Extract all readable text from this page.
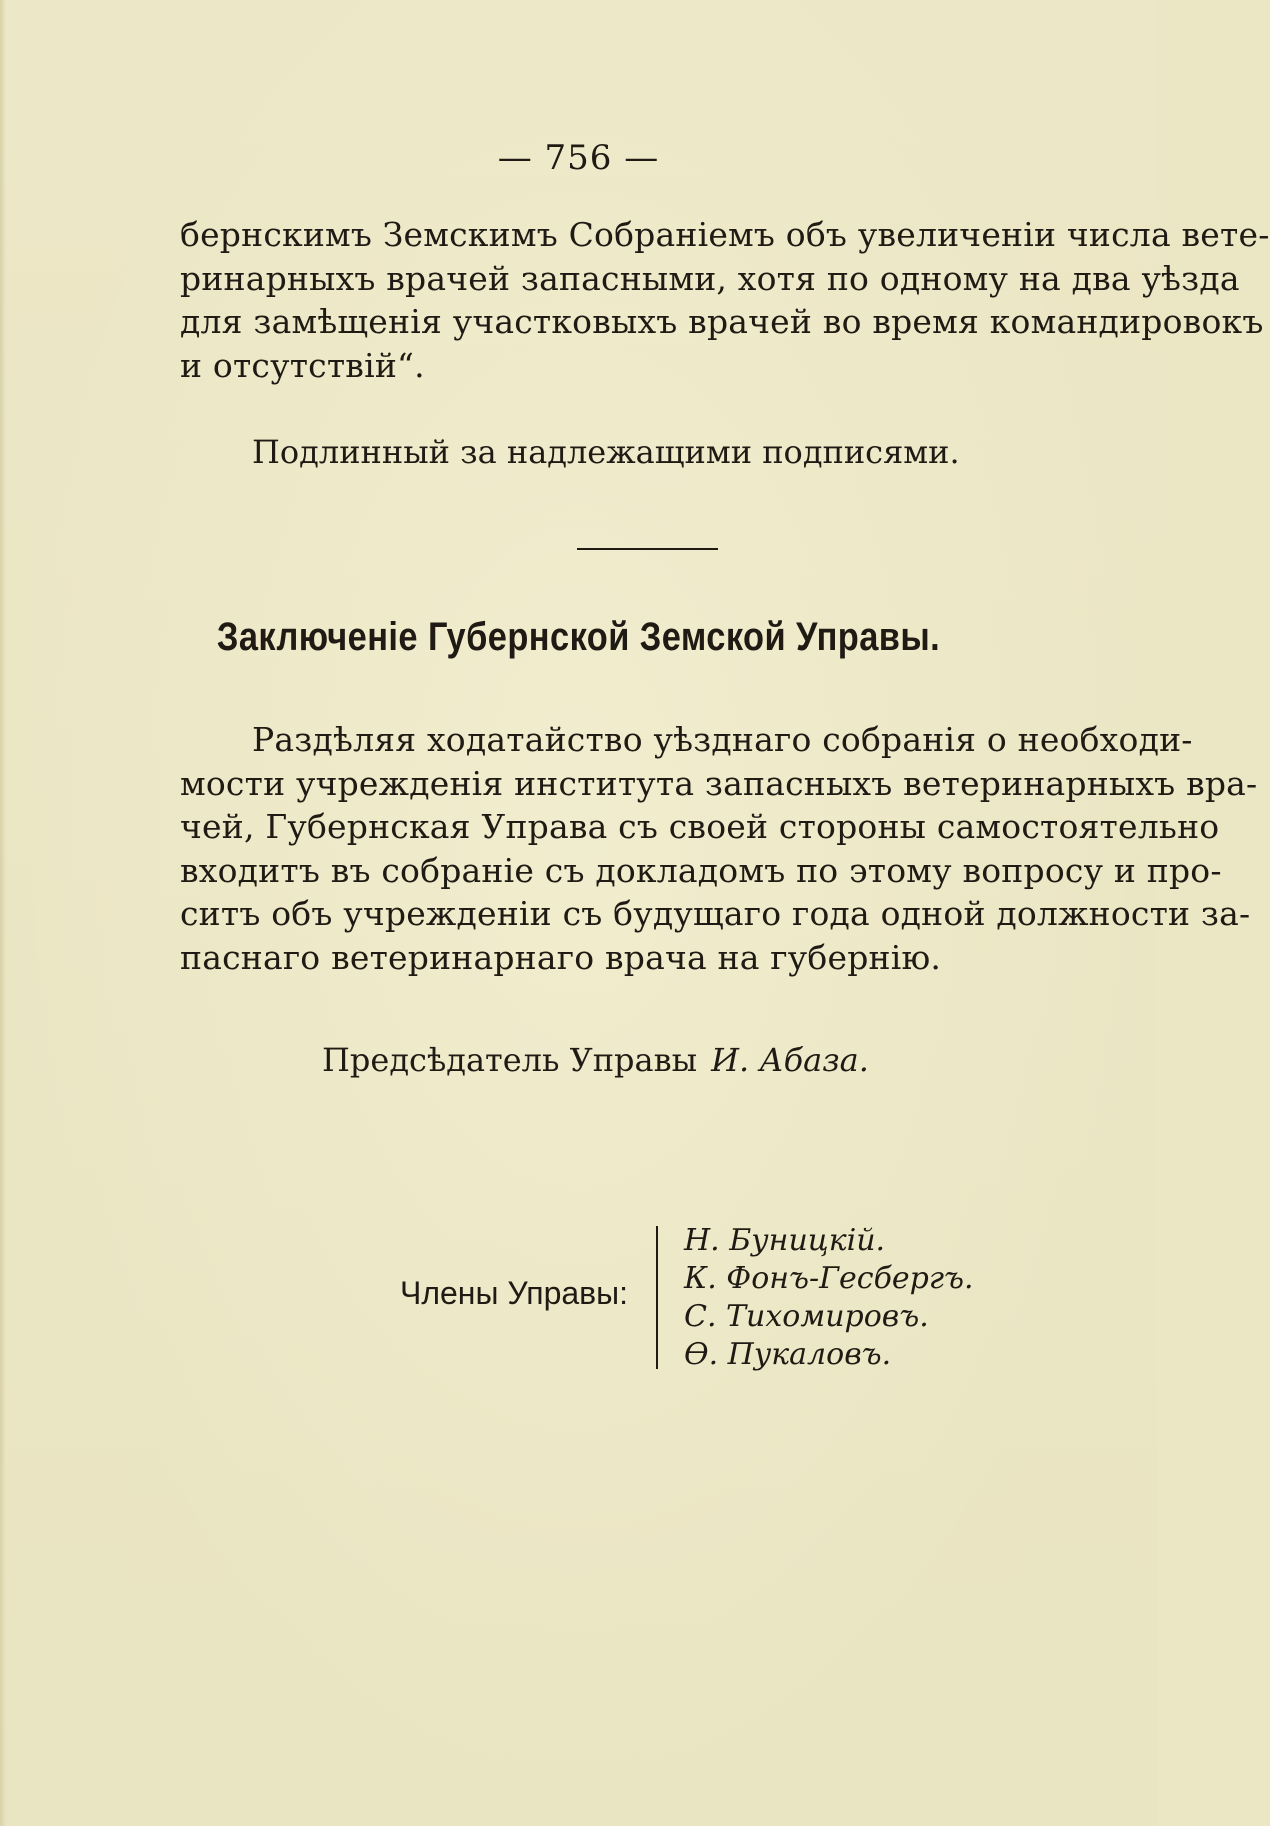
— 756 —
бернскимъ Земскимъ Собраніемъ объ увеличеніи числа вете-
ринарныхъ врачей запасными, хотя по одному на два уѣзда
для замѣщенія участковыхъ врачей во время командировокъ
и отсутствій“.
Подлинный за надлежащими подписями.
Заключеніе Губернской Земской Управы.
Раздѣляя ходатайство уѣзднаго собранія о необходи-
мости учрежденія института запасныхъ ветеринарныхъ вра-
чей, Губернская Управа съ своей стороны самостоятельно
входитъ въ собраніе съ докладомъ по этому вопросу и про-
ситъ объ учрежденіи съ будущаго года одной должности за-
паснаго ветеринарнаго врача на губернію.
Предсѣдатель Управы И. Абаза.
Члены Управы:
Н. Буницкій.
К. Фонъ-Гесбергъ.
С. Тихомировъ.
Ѳ. Пукаловъ.
